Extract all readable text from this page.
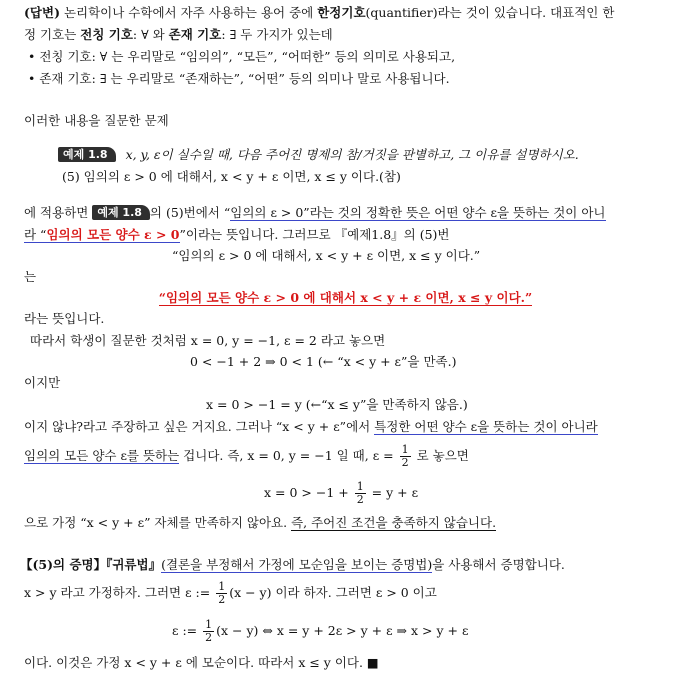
(답변) 논리학이나 수학에서 자주 사용하는 용어 중에 한정기호(quantifier)라는 것이 있습니다. 대표적인 한
정 기호는 전칭 기호: ∀ 와 존재 기호: ∃ 두 가지가 있는데
• 전칭 기호: ∀ 는 우리말로 “임의의”, “모든”, “어떠한” 등의 의미로 사용되고,
• 존재 기호: ∃ 는 우리말로 “존재하는”, “어떤” 등의 의미나 말로 사용됩니다.
이러한 내용을 질문한 문제
예제 1.8 x, y, ε이 실수일 때, 다음 주어진 명제의 참/거짓을 판별하고, 그 이유를 설명하시오.
(5) 임의의 ε > 0 에 대해서, x < y + ε 이면, x ≤ y 이다.(참)
에 적용하면 예제 1.8 의 (5)번에서 “임의의 ε > 0”라는 것의 정확한 뜻은 어떤 양수 ε을 뜻하는 것이 아니
라 “임의의 모든 양수 ε > 0”이라는 뜻입니다. 그러므로 『예제1.8』의 (5)번
“임의의 ε > 0 에 대해서, x < y + ε 이면, x ≤ y 이다.”
는
“임의의 모든 양수 ε > 0 에 대해서 x < y + ε 이면, x ≤ y 이다.”
라는 뜻입니다.
따라서 학생이 질문한 것처럼 x = 0, y = −1, ε = 2 라고 놓으면
0 < −1 + 2 ⇒ 0 < 1 (← “x < y + ε”을 만족.)
이지만
x = 0 > −1 = y (←“x ≤ y”을 만족하지 않음.)
이지 않냐?라고 주장하고 싶은 거지요. 그러나 “x < y + ε”에서 특정한 어떤 양수 ε을 뜻하는 것이 아니라
임의의 모든 양수 ε를 뜻하는 겁니다. 즉, x = 0, y = −1 일 때, $\varepsilon = \frac{1}{2}$ 로 놓으면
$x = 0 > -1 + \frac{1}{2} = y + \varepsilon$
으로 가정 “x < y + ε” 자체를 만족하지 않아요. 즉, 주어진 조건을 충족하지 않습니다.
【(5)의 증명】『귀류법』(결론을 부정해서 가정에 모순임을 보이는 증명법)을 사용해서 증명합니다.
x > y 라고 가정하자. 그러면 ε := $\frac{1}{2} (x - y)$ 이라 하자. 그러면 ε > 0 이고
ε := $\frac{1}{2} (x - y)$ ⇔ x = y + 2ε > y + ε ⇒ x > y + ε
이다. 이것은 가정 x < y + ε 에 모순이다. 따라서 x ≤ y 이다. ■
